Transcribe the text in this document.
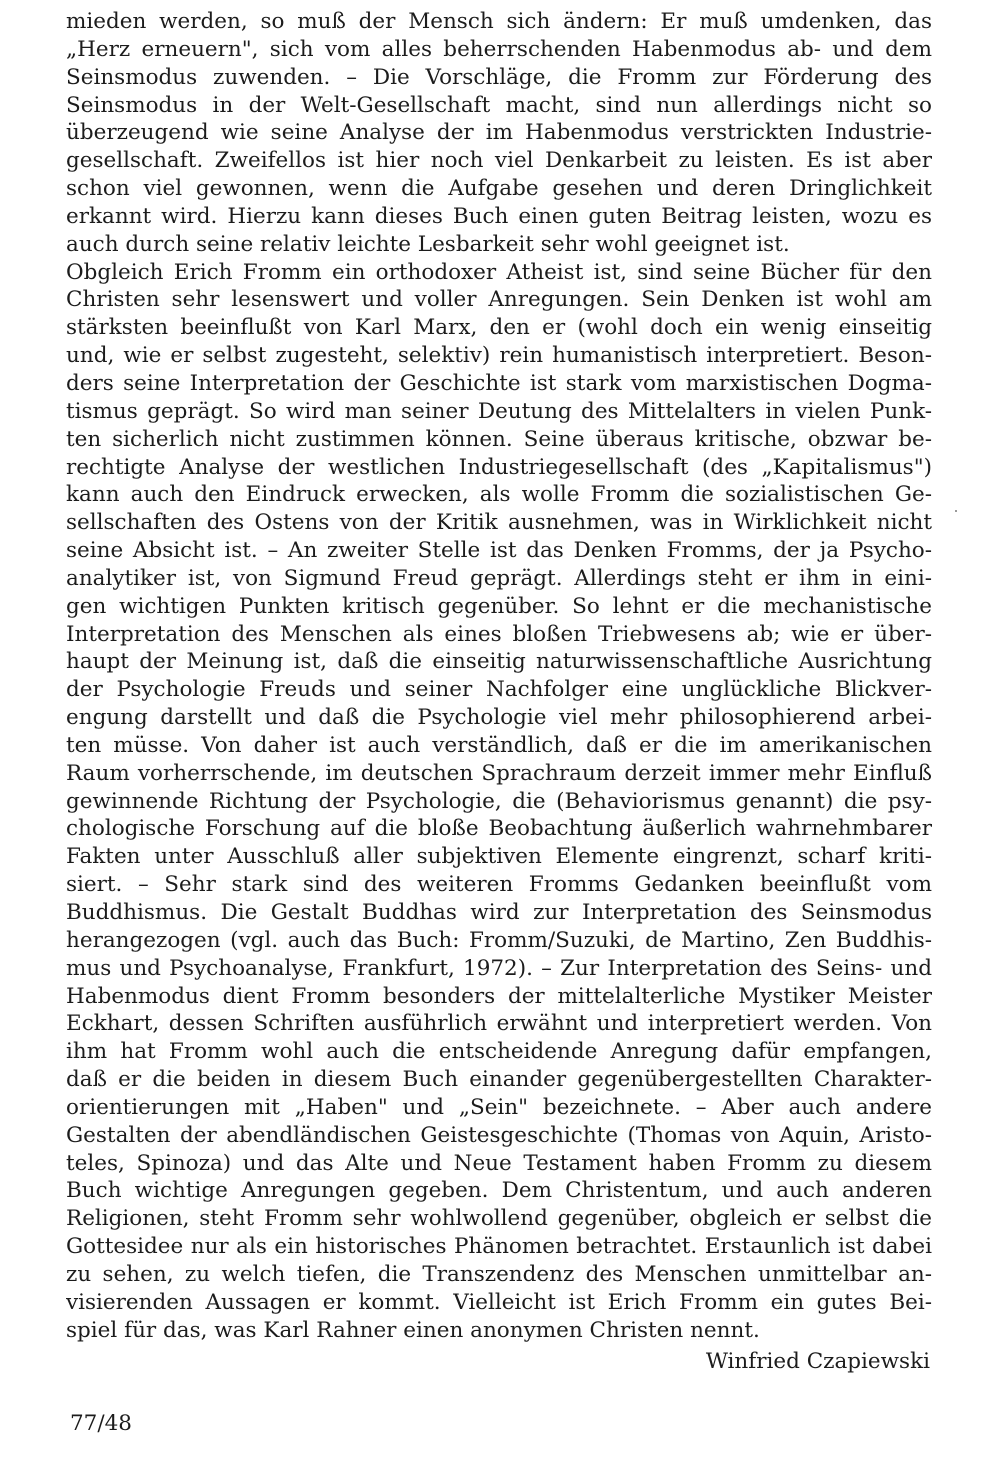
mieden werden, so muß der Mensch sich ändern: Er muß umdenken, das
„Herz erneuern", sich vom alles beherrschenden Habenmodus ab- und dem
Seinsmodus zuwenden. – Die Vorschläge, die Fromm zur Förderung des
Seinsmodus in der Welt-Gesellschaft macht, sind nun allerdings nicht so
überzeugend wie seine Analyse der im Habenmodus verstrickten Industrie-
gesellschaft. Zweifellos ist hier noch viel Denkarbeit zu leisten. Es ist aber
schon viel gewonnen, wenn die Aufgabe gesehen und deren Dringlichkeit
erkannt wird. Hierzu kann dieses Buch einen guten Beitrag leisten, wozu es
auch durch seine relativ leichte Lesbarkeit sehr wohl geeignet ist.
Obgleich Erich Fromm ein orthodoxer Atheist ist, sind seine Bücher für den
Christen sehr lesenswert und voller Anregungen. Sein Denken ist wohl am
stärksten beeinflußt von Karl Marx, den er (wohl doch ein wenig einseitig
und, wie er selbst zugesteht, selektiv) rein humanistisch interpretiert. Beson-
ders seine Interpretation der Geschichte ist stark vom marxistischen Dogma-
tismus geprägt. So wird man seiner Deutung des Mittelalters in vielen Punk-
ten sicherlich nicht zustimmen können. Seine überaus kritische, obzwar be-
rechtigte Analyse der westlichen Industriegesellschaft (des „Kapitalismus")
kann auch den Eindruck erwecken, als wolle Fromm die sozialistischen Ge-
sellschaften des Ostens von der Kritik ausnehmen, was in Wirklichkeit nicht
seine Absicht ist. – An zweiter Stelle ist das Denken Fromms, der ja Psycho-
analytiker ist, von Sigmund Freud geprägt. Allerdings steht er ihm in eini-
gen wichtigen Punkten kritisch gegenüber. So lehnt er die mechanistische
Interpretation des Menschen als eines bloßen Triebwesens ab; wie er über-
haupt der Meinung ist, daß die einseitig naturwissenschaftliche Ausrichtung
der Psychologie Freuds und seiner Nachfolger eine unglückliche Blickver-
engung darstellt und daß die Psychologie viel mehr philosophierend arbei-
ten müsse. Von daher ist auch verständlich, daß er die im amerikanischen
Raum vorherrschende, im deutschen Sprachraum derzeit immer mehr Einfluß
gewinnende Richtung der Psychologie, die (Behaviorismus genannt) die psy-
chologische Forschung auf die bloße Beobachtung äußerlich wahrnehmbarer
Fakten unter Ausschluß aller subjektiven Elemente eingrenzt, scharf kriti-
siert. – Sehr stark sind des weiteren Fromms Gedanken beeinflußt vom
Buddhismus. Die Gestalt Buddhas wird zur Interpretation des Seinsmodus
herangezogen (vgl. auch das Buch: Fromm/Suzuki, de Martino, Zen Buddhis-
mus und Psychoanalyse, Frankfurt, 1972). – Zur Interpretation des Seins- und
Habenmodus dient Fromm besonders der mittelalterliche Mystiker Meister
Eckhart, dessen Schriften ausführlich erwähnt und interpretiert werden. Von
ihm hat Fromm wohl auch die entscheidende Anregung dafür empfangen,
daß er die beiden in diesem Buch einander gegenübergestellten Charakter-
orientierungen mit „Haben" und „Sein" bezeichnete. – Aber auch andere
Gestalten der abendländischen Geistesgeschichte (Thomas von Aquin, Aristo-
teles, Spinoza) und das Alte und Neue Testament haben Fromm zu diesem
Buch wichtige Anregungen gegeben. Dem Christentum, und auch anderen
Religionen, steht Fromm sehr wohlwollend gegenüber, obgleich er selbst die
Gottesidee nur als ein historisches Phänomen betrachtet. Erstaunlich ist dabei
zu sehen, zu welch tiefen, die Transzendenz des Menschen unmittelbar an-
visierenden Aussagen er kommt. Vielleicht ist Erich Fromm ein gutes Bei-
spiel für das, was Karl Rahner einen anonymen Christen nennt.
Winfried Czapiewski
77/48
